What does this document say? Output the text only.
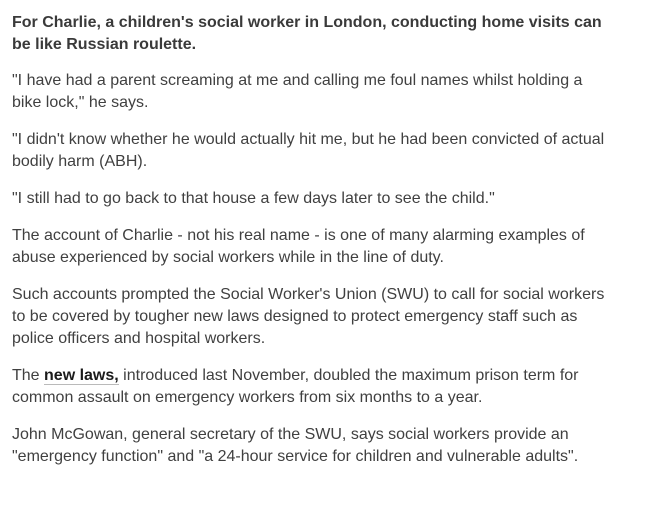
For Charlie, a children's social worker in London, conducting home visits can be like Russian roulette.

"I have had a parent screaming at me and calling me foul names whilst holding a bike lock," he says.

"I didn't know whether he would actually hit me, but he had been convicted of actual bodily harm (ABH).

"I still had to go back to that house a few days later to see the child."

The account of Charlie - not his real name - is one of many alarming examples of abuse experienced by social workers while in the line of duty.

Such accounts prompted the Social Worker's Union (SWU) to call for social workers to be covered by tougher new laws designed to protect emergency staff such as police officers and hospital workers.

The new laws, introduced last November, doubled the maximum prison term for common assault on emergency workers from six months to a year.

John McGowan, general secretary of the SWU, says social workers provide an "emergency function" and "a 24-hour service for children and vulnerable adults".
